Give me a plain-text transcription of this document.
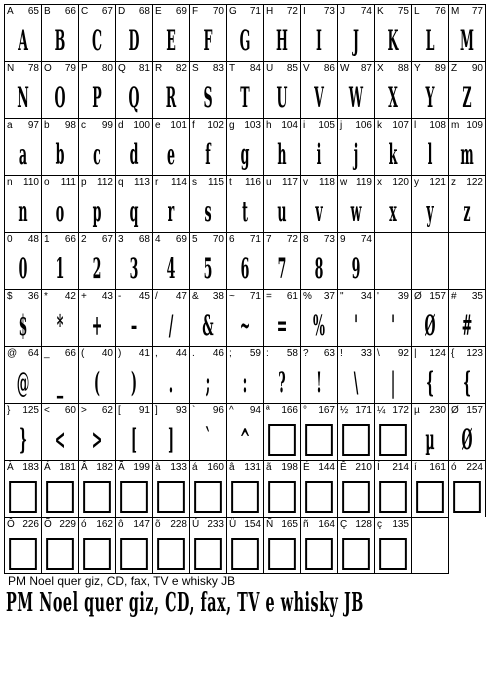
A 65
A
B 66
B
C 67
C
D 68
D
E 69
E
F 70
F
G 71
G
H 72
H
I 73
I
J 74
J
K 75
K
L 76
L
M 77
M
N 78
N
O 79
O
P 80
P
Q 81
Q
R 82
R
S 83
S
T 84
T
U 85
U
V 86
V
W 87
W
X 88
X
Y 89
Y
Z 90
Z
a 97
a
b 98
b
c 99
c
d 100
d
e 101
e
f 102
f
g 103
g
h 104
h
i 105
i
j 106
j
k 107
k
l 108
l
m 109
m
n 110
n
o 111
o
p 112
p
q 113
q
r 114
r
s 115
s
t 116
t
u 117
u
v 118
v
w 119
w
x 120
x
y 121
y
z 122
z
0 48
0
1 66
1
2 67
2
3 68
3
4 69
4
5 70
5
6 71
6
7 72
7
8 73
8
9 74
9
$ 36
$
* 42
*
+ 43
+
- 45
–
/ 47
/
& 38
&
~ 71
~
= 61
=
% 37
%
" 34
'
' 39
'
Ø 157
Ø
# 35
#
@ 64
@
_ 66
_
( 40
(
) 41
)
, 44
.
. 46
;
; 59
:
: 58
?
? 63
!
! 33
\
\ 92
|
| 124
{
{ 123
{
} 125
}
< 60
<
> 62
>
[ 91
[
] 93
]
` 96
`
^ 94
^
ª 166 ° 167 ½ 171 ¼ 172 µ 230
µ
Ø 157
Ø
À 183 Á 181 Â 182 Ã 199 à 133 á 160 â 131 ã 198 É 144 Ê 210 Í 214 í 161 ó 224
Ô 226 Õ 229 ó 162 ô 147 õ 228 Ú 233 Ü 154 Ñ 165 ñ 164 Ç 128 ç 135
PM Noel quer giz, CD, fax, TV e whisky JB
PM Noel quer giz, CD, fax, TV e whisky JB
